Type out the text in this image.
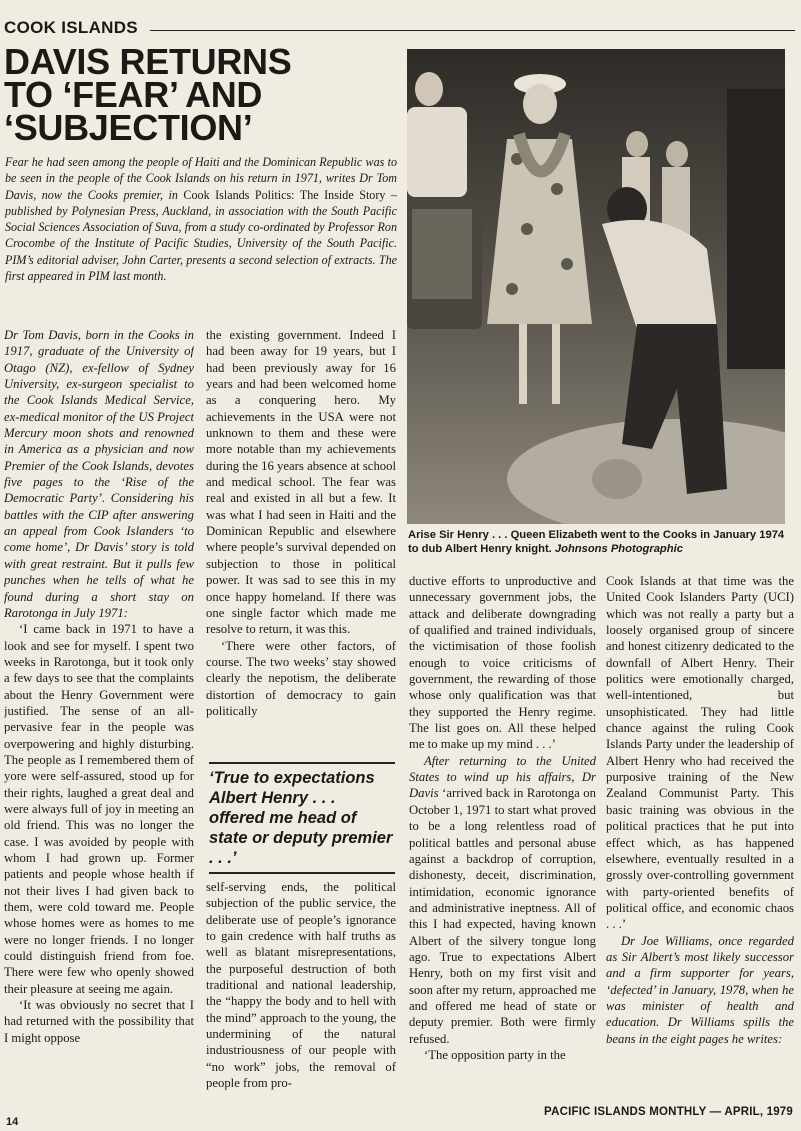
COOK ISLANDS
DAVIS RETURNS
TO ‘FEAR’ AND
‘SUBJECTION’

Fear he had seen among the people of Haiti and the Dominican Republic was to be seen in the people of the Cook Islands on his return in 1971, writes Dr Tom Davis, now the Cooks premier, in Cook Islands Politics: The Inside Story – published by Polynesian Press, Auckland, in association with the South Pacific Social Sciences Association of Suva, from a study co-ordinated by Professor Ron Crocombe of the Institute of Pacific Studies, University of the South Pacific. PIM’s editorial adviser, John Carter, presents a second selection of extracts. The first appeared in PIM last month.

Dr Tom Davis, born in the Cooks in 1917, graduate of the University of Otago (NZ), ex-fellow of Sydney University, ex-surgeon specialist to the Cook Islands Medical Service, ex-medical monitor of the US Project Mercury moon shots and renowned in America as a physician and now Premier of the Cook Islands, devotes five pages to the ‘Rise of the Democratic Party’. Considering his battles with the CIP after answering an appeal from Cook Islanders ‘to come home’, Dr Davis’ story is told with great restraint. But it pulls few punches when he tells of what he found during a short stay on Rarotonga in July 1971:

‘I came back in 1971 to have a look and see for myself. I spent two weeks in Rarotonga, but it took only a few days to see that the complaints about the Henry Government were justified. The sense of an all-pervasive fear in the people was overpowering and highly disturbing. The people as I remembered them of yore were self-assured, stood up for their rights, laughed a great deal and were always full of joy in meeting an old friend. This was no longer the case. I was avoided by people with whom I had grown up. Former patients and people whose health if not their lives I had given back to them, were cold toward me. People whose homes were as homes to me were no longer friends. I no longer could distinguish friend from foe. There were few who openly showed their pleasure at seeing me again.

‘It was obviously no secret that I had returned with the possibility that I might oppose

the existing government. Indeed I had been away for 19 years, but I had been previously away for 16 years and had been welcomed home as a conquering hero. My achievements in the USA were not unknown to them and these were more notable than my achievements during the 16 years absence at school and medical school. The fear was real and existed in all but a few. It was what I had seen in Haiti and the Dominican Republic and elsewhere where people’s survival depended on subjection to those in political power. It was sad to see this in my once happy homeland. If there was one single factor which made me resolve to return, it was this.

‘There were other factors, of course. The two weeks’ stay showed clearly the nepotism, the deliberate distortion of democracy to gain politically

‘True to expectations Albert Henry . . . offered me head of state or deputy premier . . .’

self-serving ends, the political subjection of the public service, the deliberate use of people’s ignorance to gain credence with half truths as well as blatant misrepresentations, the purposeful destruction of both traditional and national leadership, the “happy the body and to hell with the mind” approach to the young, the undermining of the natural industriousness of our people with “no work” jobs, the removal of people from pro-

Arise Sir Henry . . . Queen Elizabeth went to the Cooks in January 1974 to dub Albert Henry knight. Johnsons Photographic

ductive efforts to unproductive and unnecessary government jobs, the attack and deliberate downgrading of qualified and trained individuals, the victimisation of those foolish enough to voice criticisms of government, the rewarding of those whose only qualification was that they supported the Henry regime. The list goes on. All these helped me to make up my mind . . .’

After returning to the United States to wind up his affairs, Dr Davis ‘arrived back in Rarotonga on October 1, 1971 to start what proved to be a long relentless road of political battles and personal abuse against a backdrop of corruption, dishonesty, deceit, discrimination, intimidation, economic ignorance and administrative ineptness. All of this I had expected, having known Albert of the silvery tongue long ago. True to expectations Albert Henry, both on my first visit and soon after my return, approached me and offered me head of state or deputy premier. Both were firmly refused.

‘The opposition party in the

Cook Islands at that time was the United Cook Islanders Party (UCI) which was not really a party but a loosely organised group of sincere and honest citizenry dedicated to the downfall of Albert Henry. Their politics were emotionally charged, well-intentioned, but unsophisticated. They had little chance against the ruling Cook Islands Party under the leadership of Albert Henry who had received the purposive training of the New Zealand Communist Party. This basic training was obvious in the political practices that he put into effect which, as has happened elsewhere, eventually resulted in a grossly over-controlling government with party-oriented benefits of political office, and economic chaos . . .’

Dr Joe Williams, once regarded as Sir Albert’s most likely successor and a firm supporter for years, ‘defected’ in January, 1978, when he was minister of health and education. Dr Williams spills the beans in the eight pages he writes:

14
PACIFIC ISLANDS MONTHLY — APRIL, 1979
